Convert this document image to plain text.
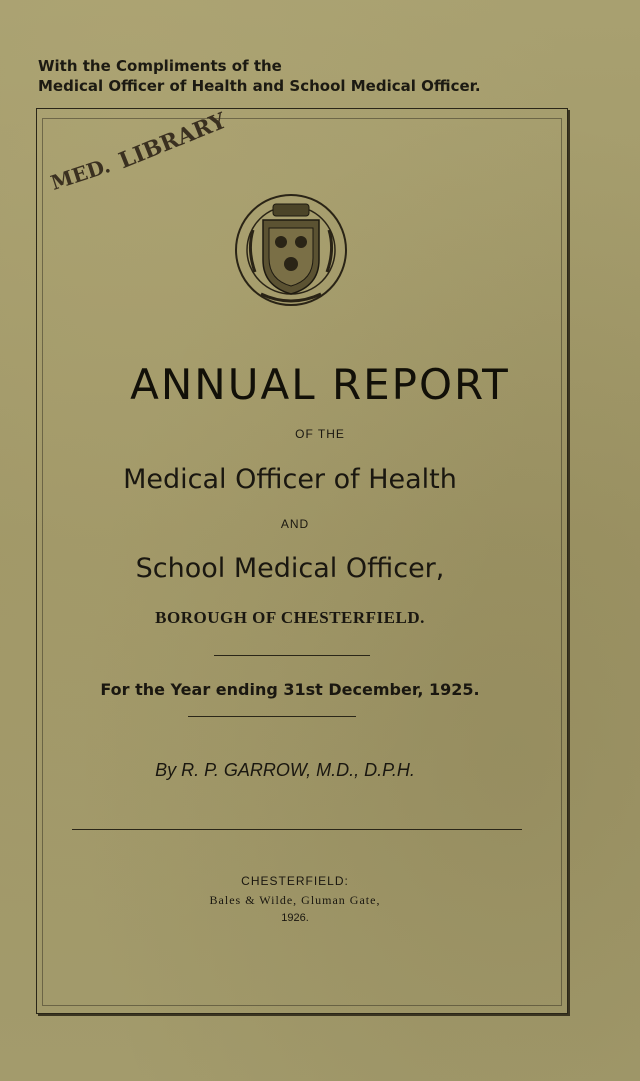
With the Compliments of the
Medical Officer of Health and School Medical Officer.
MED. LIBRARY
ANNUAL REPORT
OF THE
Medical Officer of Health
AND
School Medical Officer,
BOROUGH OF CHESTERFIELD.
For the Year ending 31st December, 1925.
By R. P. GARROW, M.D., D.P.H.
CHESTERFIELD:
Bales & Wilde, Gluman Gate,
1926.
